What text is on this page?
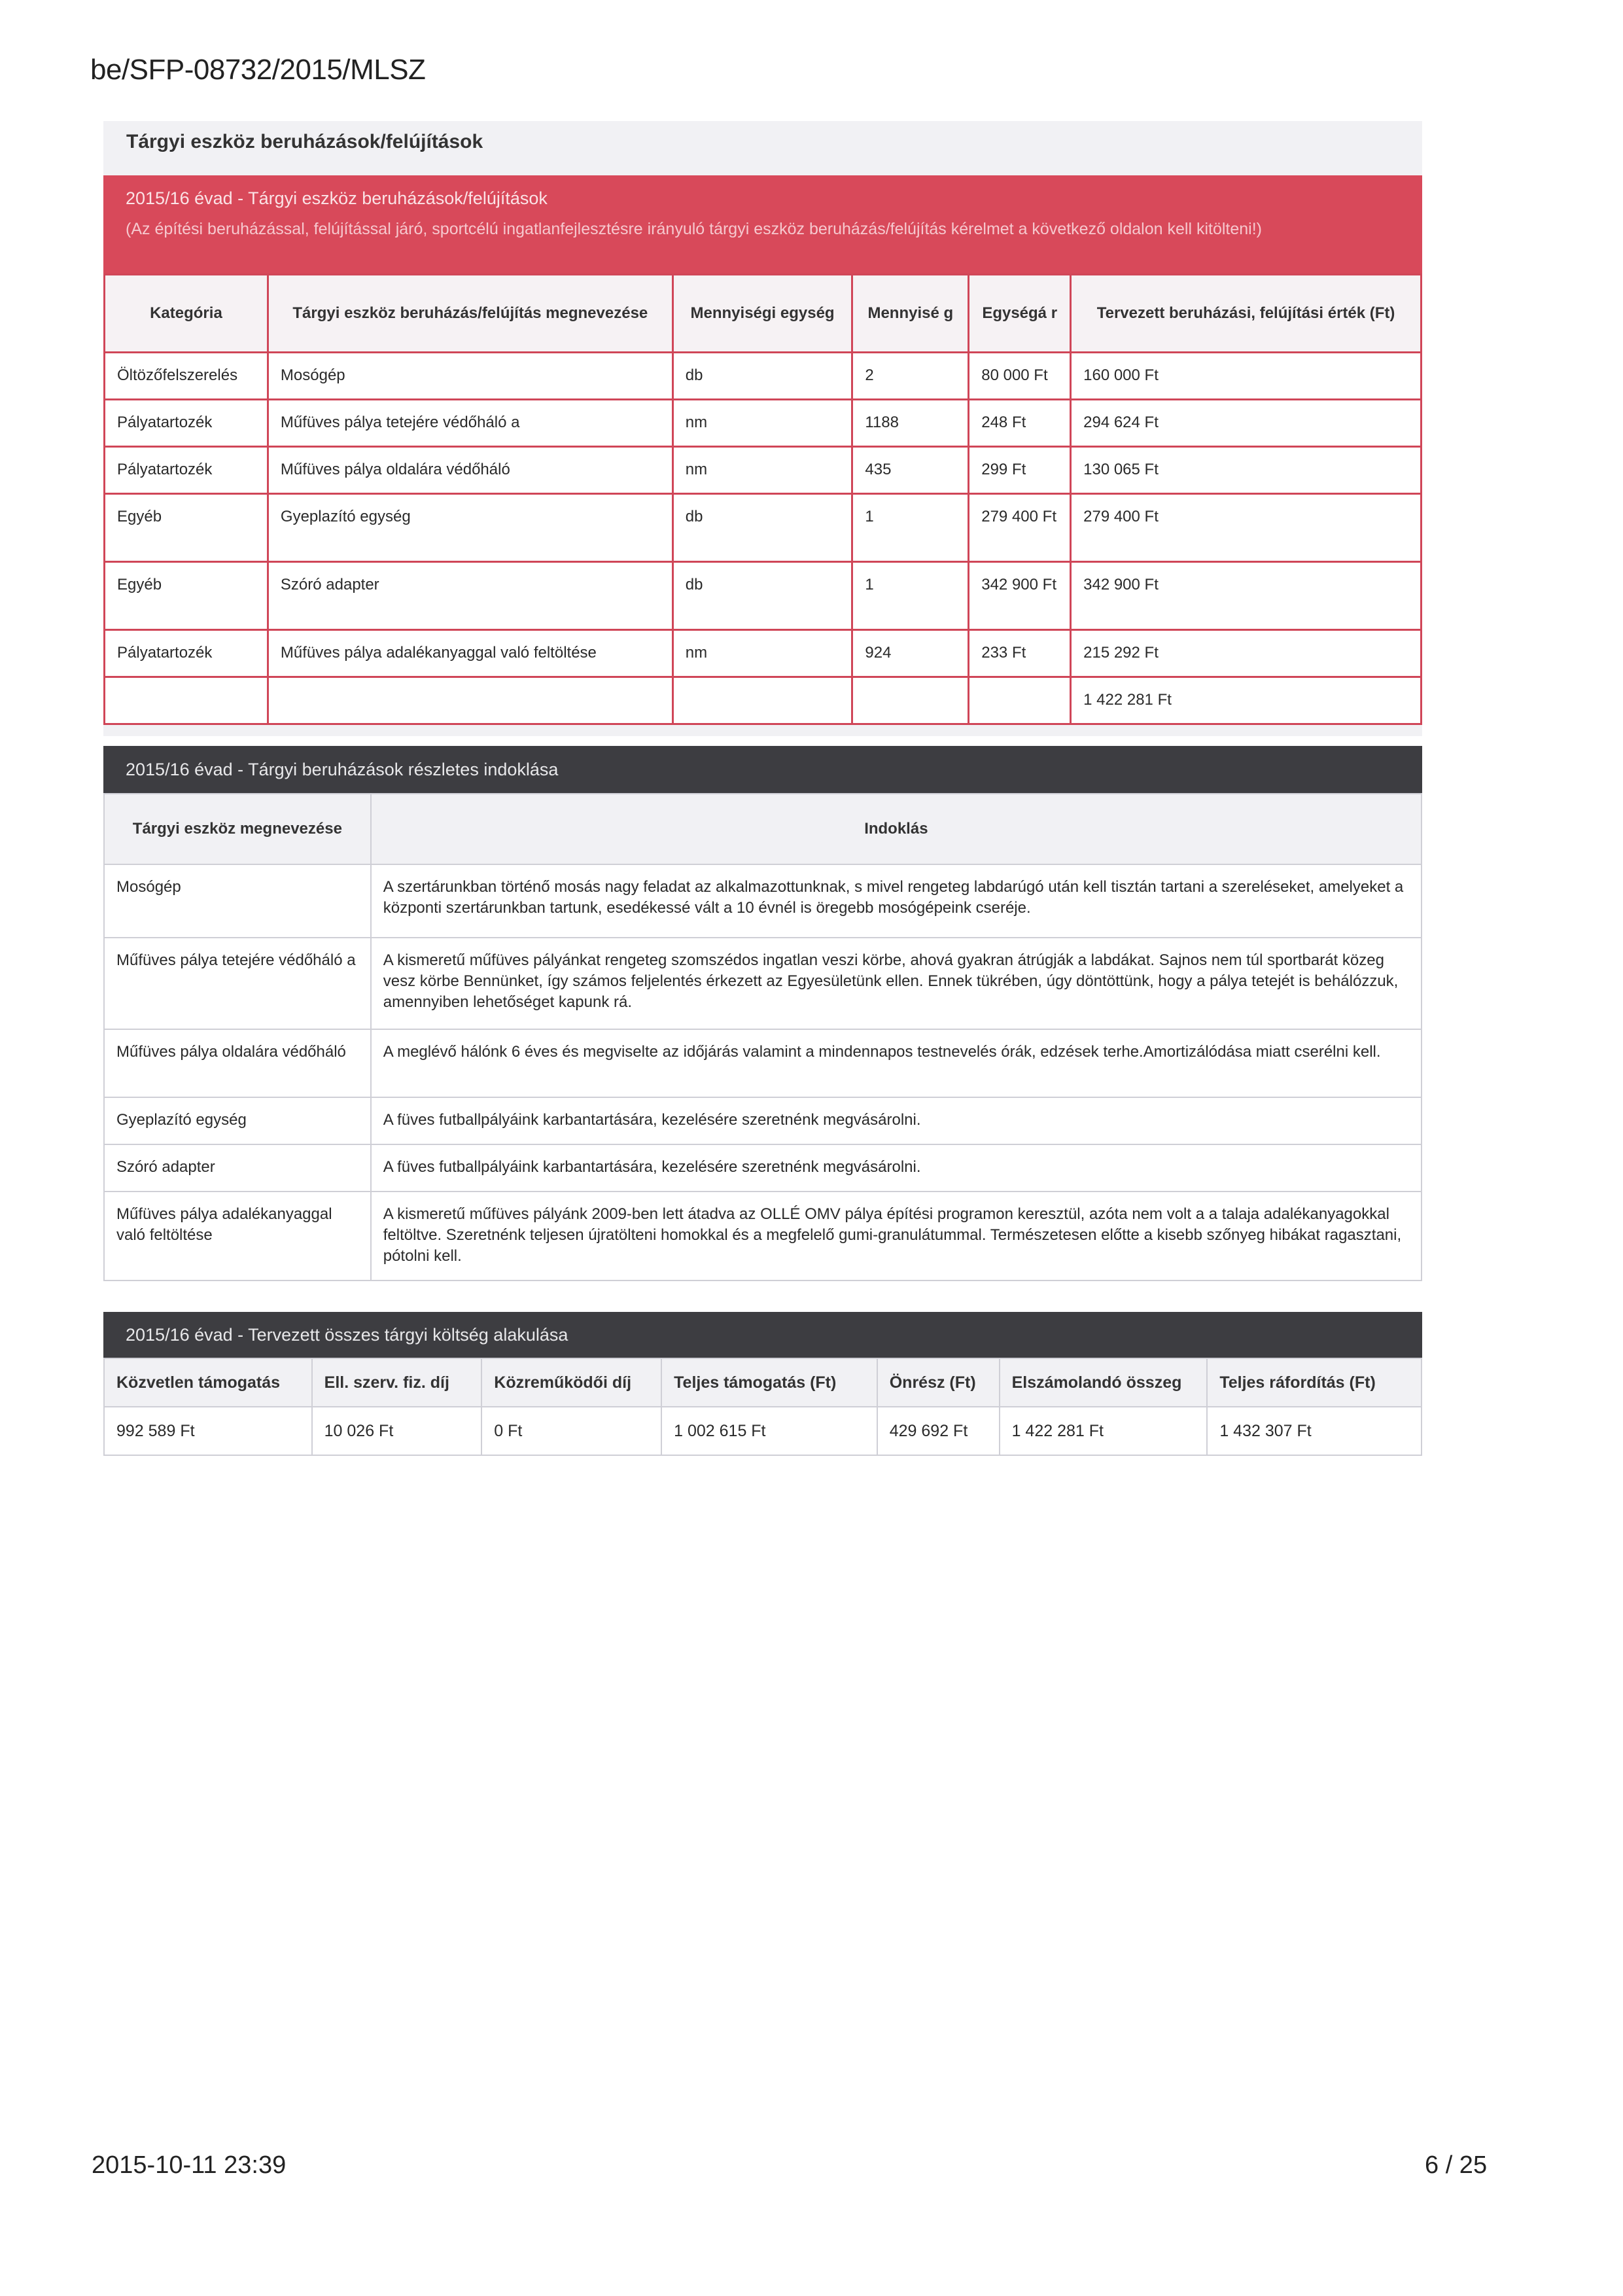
be/SFP-08732/2015/MLSZ
Tárgyi eszköz beruházások/felújítások
2015/16 évad - Tárgyi eszköz beruházások/felújítások
(Az építési beruházással, felújítással járó, sportcélú ingatlanfejlesztésre irányuló tárgyi eszköz beruházás/felújítás kérelmet a következő oldalon kell kitölteni!)
Kategória	Tárgyi eszköz beruházás/felújítás megnevezése	Mennyiségi egység	Mennyisé g	Egységá r	Tervezett beruházási, felújítási érték (Ft)
Öltözőfelszerelés	Mosógép	db	2	80 000 Ft	160 000 Ft
Pályatartozék	Műfüves pálya tetejére védőháló a	nm	1188	248 Ft	294 624 Ft
Pályatartozék	Műfüves pálya oldalára védőháló	nm	435	299 Ft	130 065 Ft
Egyéb	Gyeplazító egység	db	1	279 400 Ft	279 400 Ft
Egyéb	Szóró adapter	db	1	342 900 Ft	342 900 Ft
Pályatartozék	Műfüves pálya adalékanyaggal való feltöltése	nm	924	233 Ft	215 292 Ft
					1 422 281 Ft
2015/16 évad - Tárgyi beruházások részletes indoklása
Tárgyi eszköz megnevezése	Indoklás
Mosógép	A szertárunkban történő mosás nagy feladat az alkalmazottunknak, s mivel rengeteg labdarúgó után kell tisztán tartani a szereléseket, amelyeket a központi szertárunkban tartunk, esedékessé vált a 10 évnél is öregebb mosógépeink cseréje.
Műfüves pálya tetejére védőháló a	A kismeretű műfüves pályánkat rengeteg szomszédos ingatlan veszi körbe, ahová gyakran átrúgják a labdákat. Sajnos nem túl sportbarát közeg vesz körbe Bennünket, így számos feljelentés érkezett az Egyesületünk ellen. Ennek tükrében, úgy döntöttünk, hogy a pálya tetejét is behálózzuk, amennyiben lehetőséget kapunk rá.
Műfüves pálya oldalára védőháló	A meglévő hálónk 6 éves és megviselte az időjárás valamint a mindennapos testnevelés órák, edzések terhe.Amortizálódása miatt cserélni kell.
Gyeplazító egység	A füves futballpályáink karbantartására, kezelésére szeretnénk megvásárolni.
Szóró adapter	A füves futballpályáink karbantartására, kezelésére szeretnénk megvásárolni.
Műfüves pálya adalékanyaggal való feltöltése	A kismeretű műfüves pályánk 2009-ben lett átadva az OLLÉ OMV pálya építési programon keresztül, azóta nem volt a a talaja adalékanyagokkal feltöltve. Szeretnénk teljesen újratölteni homokkal és a megfelelő gumi-granulátummal. Természetesen előtte a kisebb szőnyeg hibákat ragasztani, pótolni kell.
2015/16 évad - Tervezett összes tárgyi költség alakulása
Közvetlen támogatás	Ell. szerv. fiz. díj	Közreműködői díj	Teljes támogatás (Ft)	Önrész (Ft)	Elszámolandó összeg	Teljes ráfordítás (Ft)
992 589 Ft	10 026 Ft	0 Ft	1 002 615 Ft	429 692 Ft	1 422 281 Ft	1 432 307 Ft
2015-10-11 23:39	6 / 25
